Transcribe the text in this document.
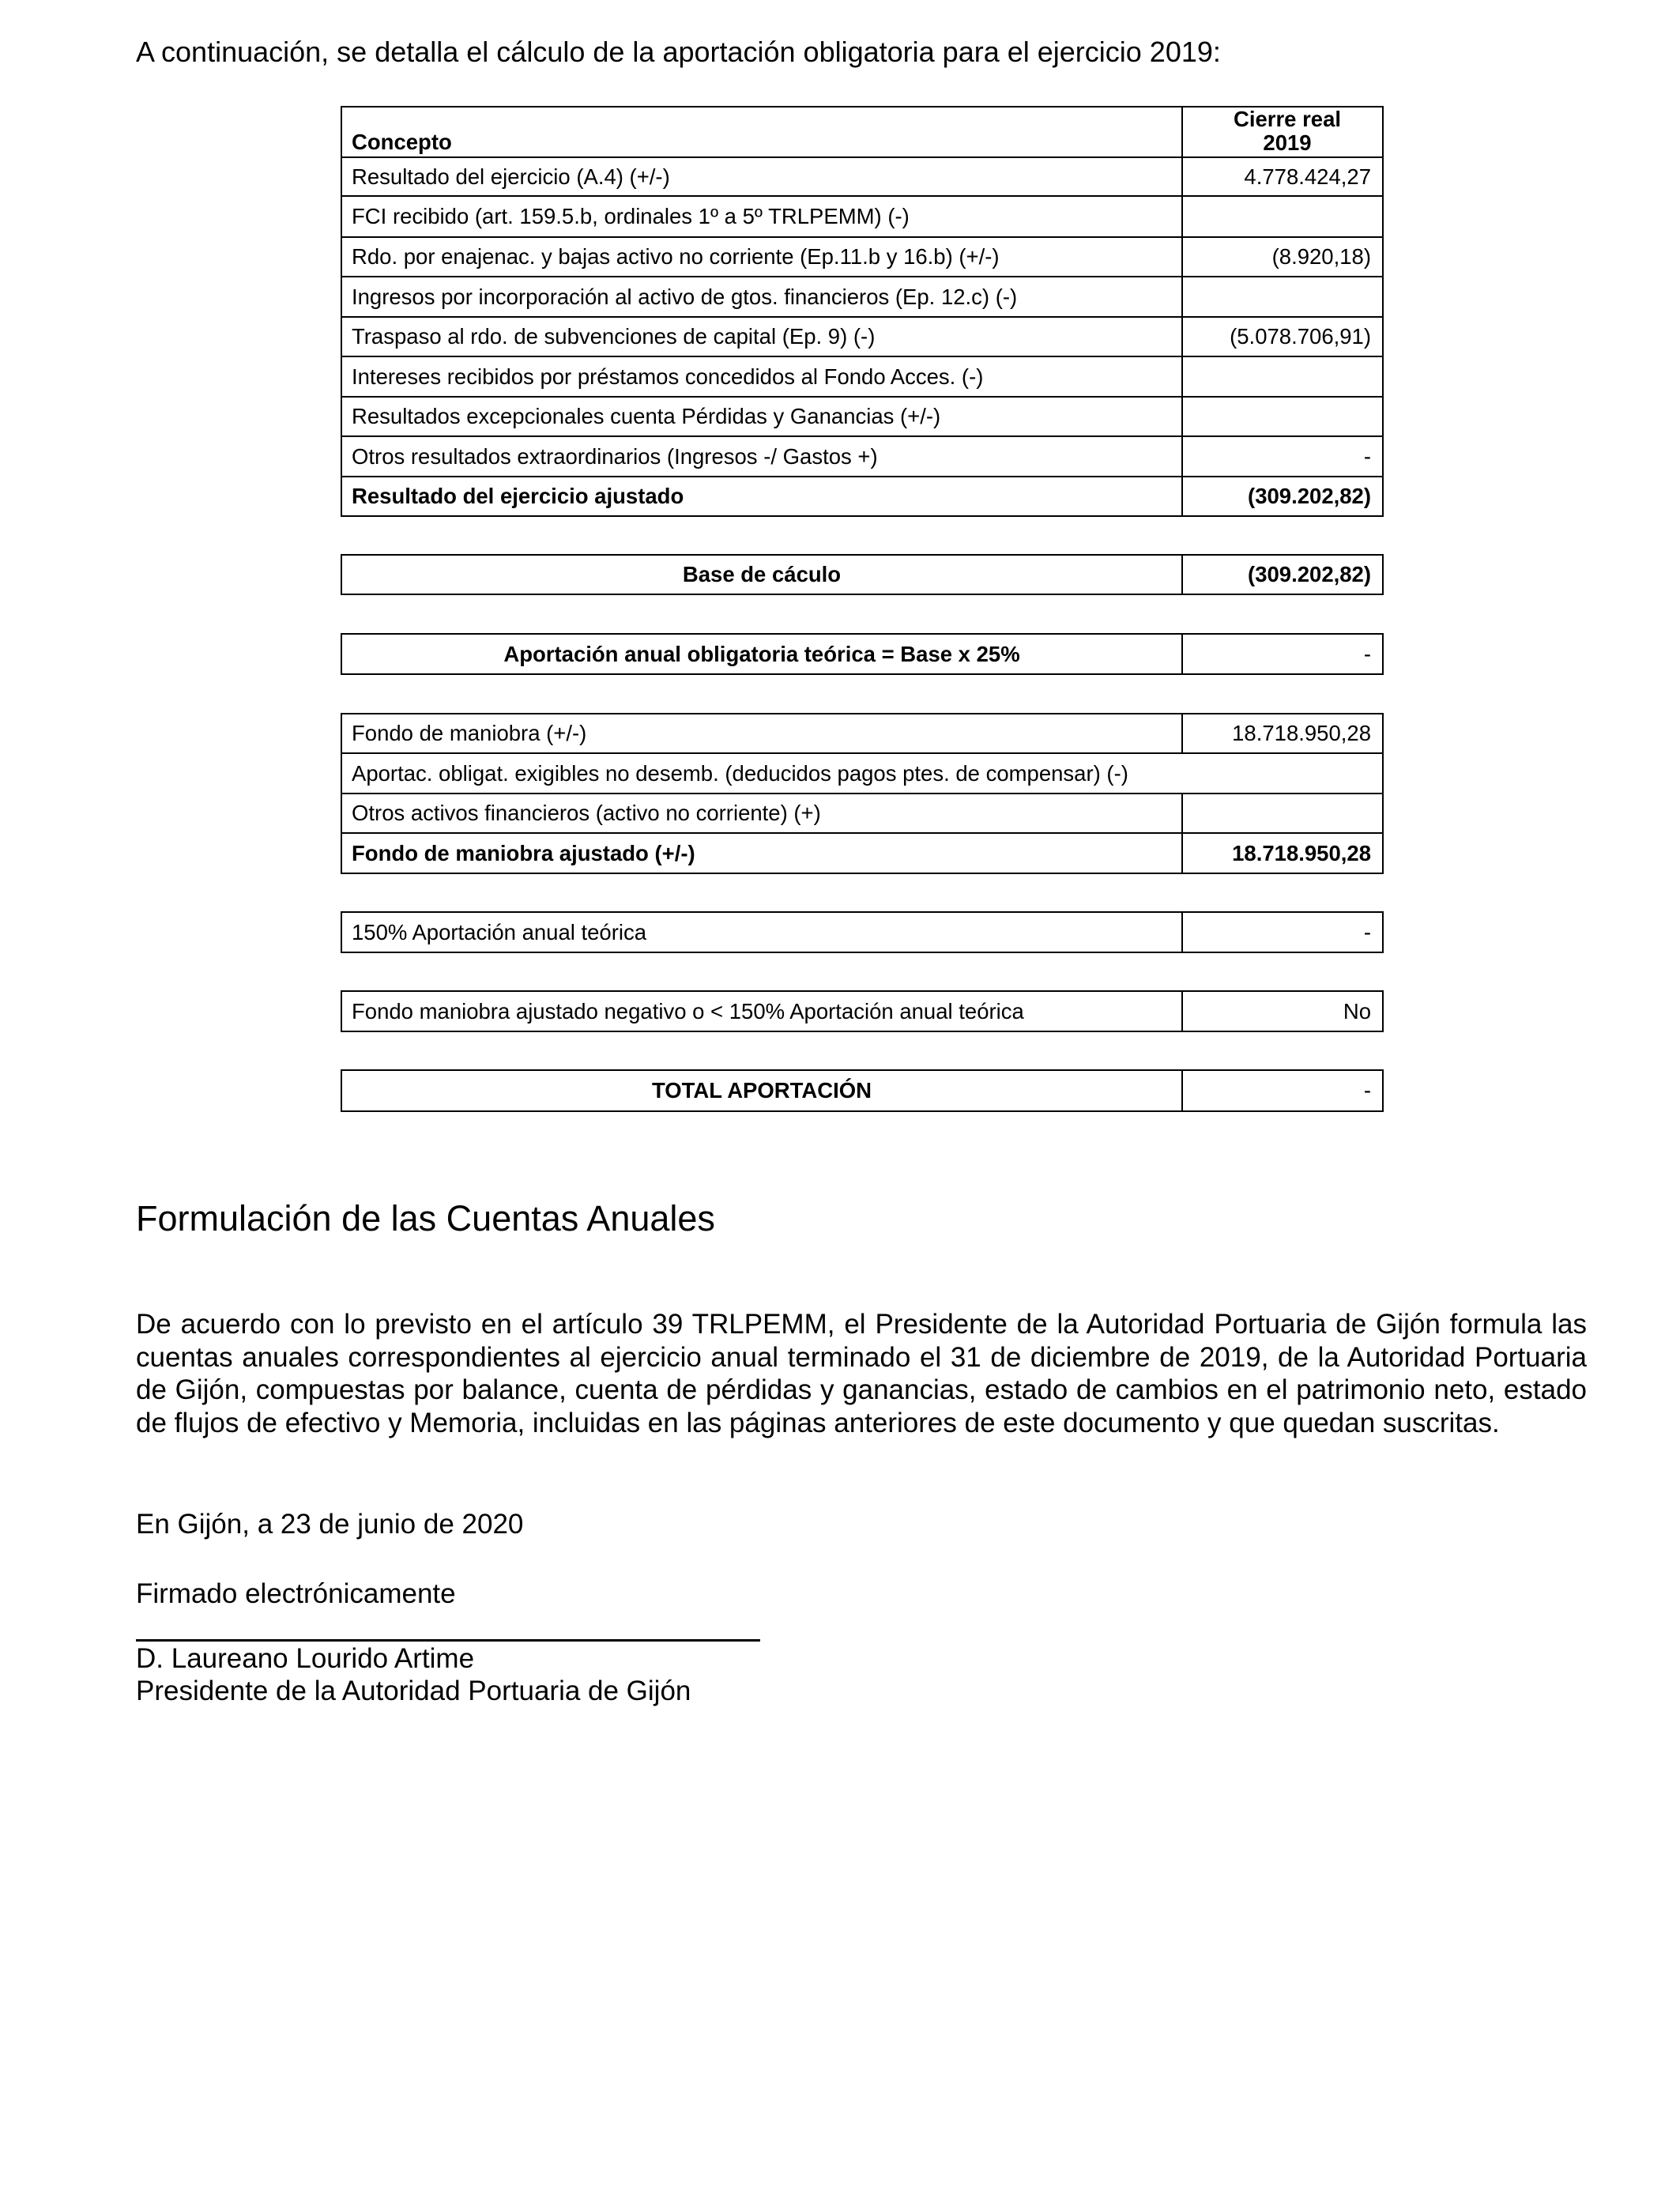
A continuación, se detalla el cálculo de la aportación obligatoria para el ejercicio 2019:
Concepto	Cierre real
2019
Resultado del ejercicio (A.4) (+/-)	4.778.424,27
FCI recibido (art. 159.5.b, ordinales 1º a 5º TRLPEMM) (-)	
Rdo. por enajenac. y bajas activo no corriente (Ep.11.b y 16.b) (+/-)	(8.920,18)
Ingresos por incorporación al activo de gtos. financieros (Ep. 12.c) (-)	
Traspaso al rdo. de subvenciones de capital (Ep. 9) (-)	(5.078.706,91)
Intereses recibidos por préstamos concedidos al Fondo Acces. (-)	
Resultados excepcionales cuenta Pérdidas y Ganancias (+/-)	
Otros resultados extraordinarios (Ingresos -/ Gastos +)	-
Resultado del ejercicio ajustado	(309.202,82)
Base de cáculo	(309.202,82)
Aportación anual obligatoria teórica = Base x 25%	-
Fondo de maniobra (+/-)	18.718.950,28
Aportac. obligat. exigibles no desemb. (deducidos pagos ptes. de compensar) (-)	
Otros activos financieros (activo no corriente) (+)	
Fondo de maniobra ajustado (+/-)	18.718.950,28
150% Aportación anual teórica	-
Fondo maniobra ajustado negativo o < 150% Aportación anual teórica	No
TOTAL APORTACIÓN	-
Formulación de las Cuentas Anuales
De acuerdo con lo previsto en el artículo 39 TRLPEMM, el Presidente de la Autoridad Portuaria de Gijón formula las cuentas anuales correspondientes al ejercicio anual terminado el 31 de diciembre de 2019, de la Autoridad Portuaria de Gijón, compuestas por balance, cuenta de pérdidas y ganancias, estado de cambios en el patrimonio neto, estado de flujos de efectivo y Memoria, incluidas en las páginas anteriores de este documento y que quedan suscritas.
En Gijón, a 23 de junio de 2020
Firmado electrónicamente
D. Laureano Lourido Artime
Presidente de la Autoridad Portuaria de Gijón
